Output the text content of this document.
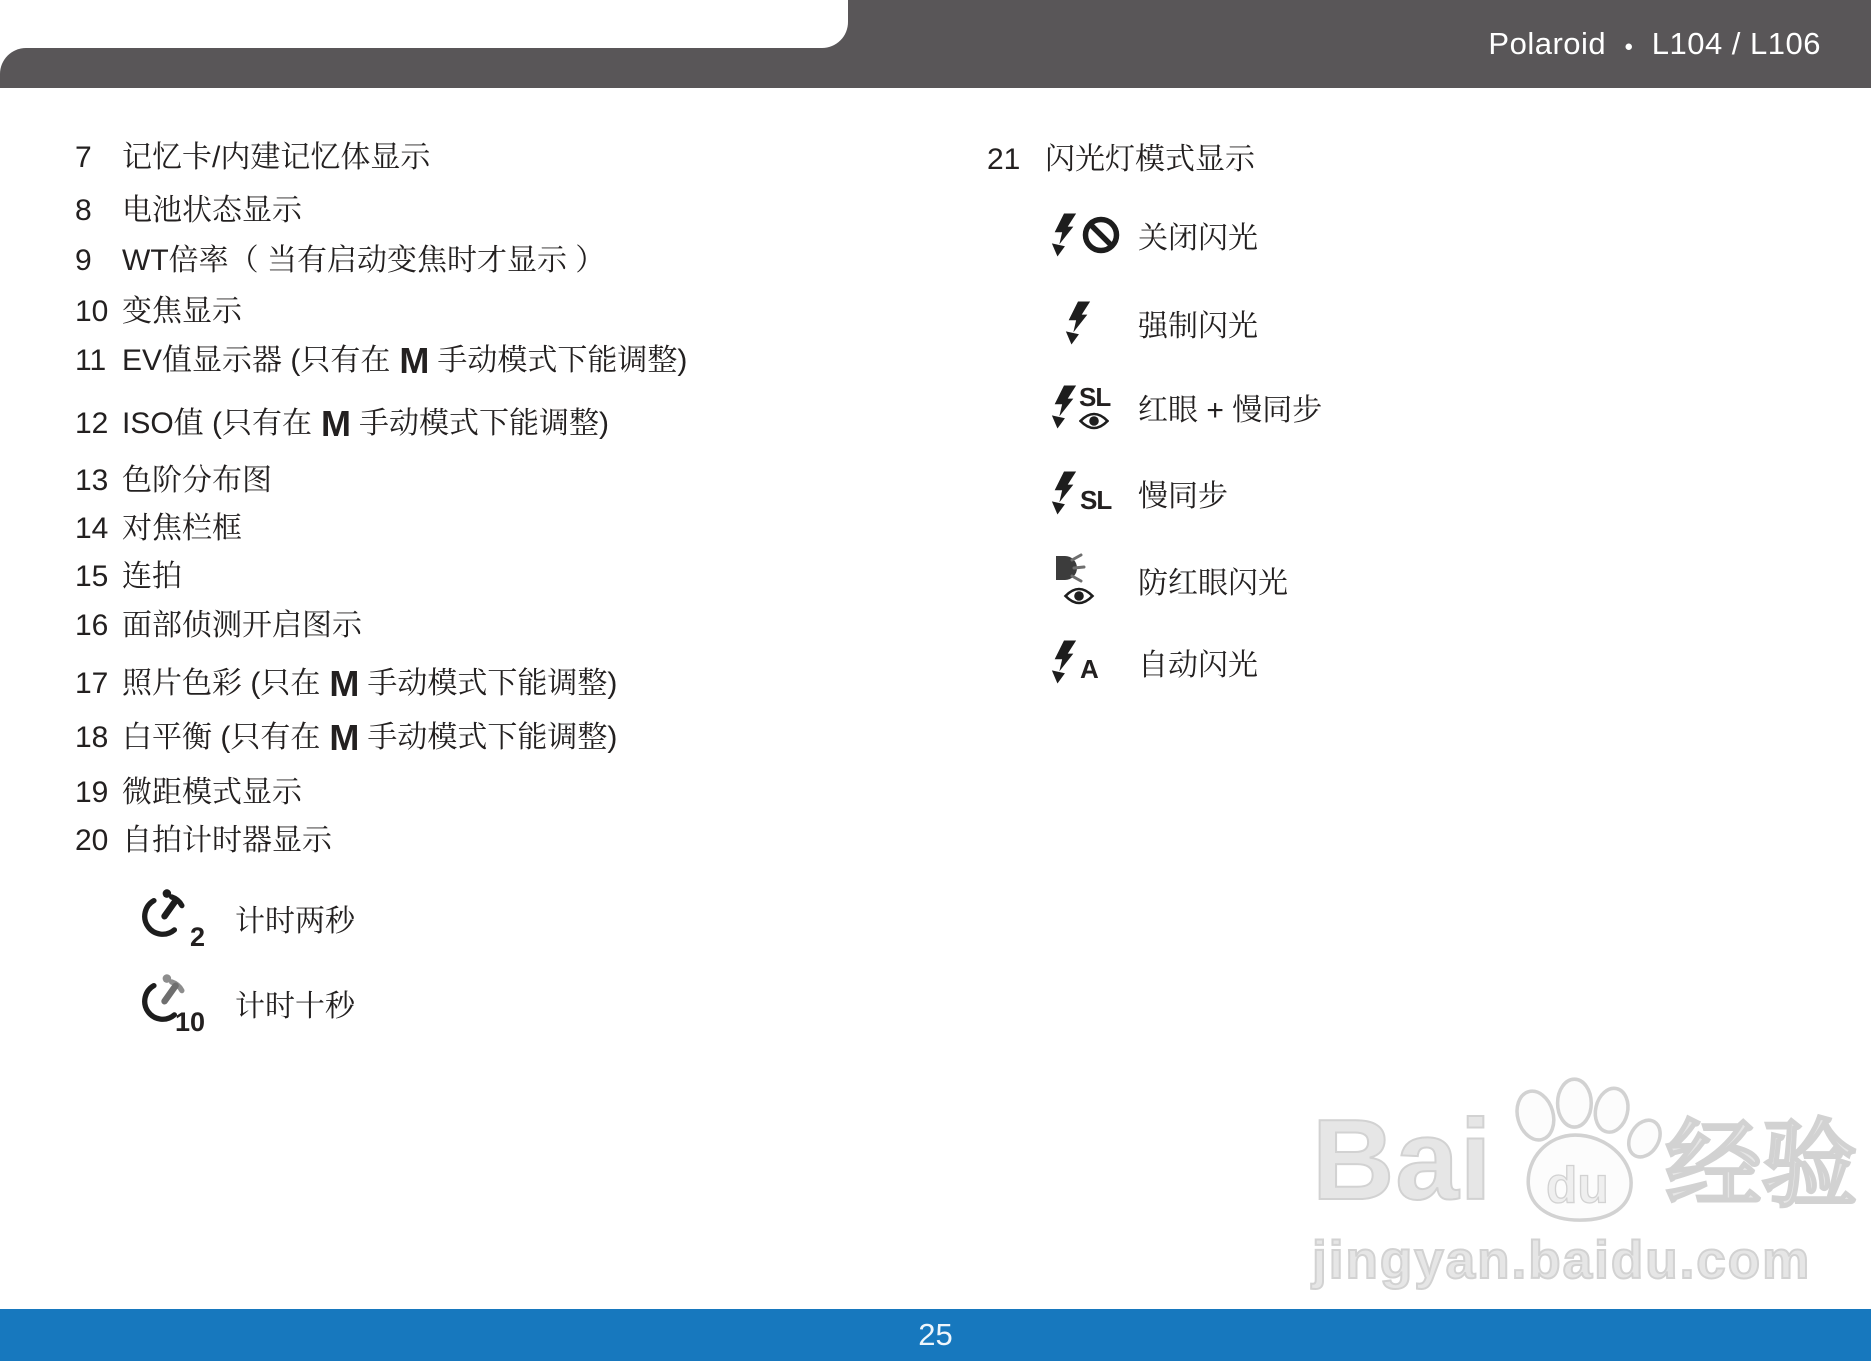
Polaroid ● L104 / L106
7	记忆卡/内建记忆体显示
8	电池状态显示
9	WT倍率（ 当有启动变焦时才显示 ）
10 变焦显示
11 EV值显示器 (只有在 M 手动模式下能调整)
12 ISO值 (只有在 M 手动模式下能调整)
13 色阶分布图
14 对焦栏框
15 连拍
16 面部侦测开启图示
17 照片色彩 (只在 M 手动模式下能调整)
18 白平衡 (只有在 M 手动模式下能调整)
19 微距模式显示
20 自拍计时器显示
2 计时两秒
10 计时十秒
21 闪光灯模式显示
关闭闪光
强制闪光
SL 红眼 + 慢同步
SL 慢同步
防红眼闪光
A 自动闪光
Bai du 经验
jingyan.baidu.com
25
